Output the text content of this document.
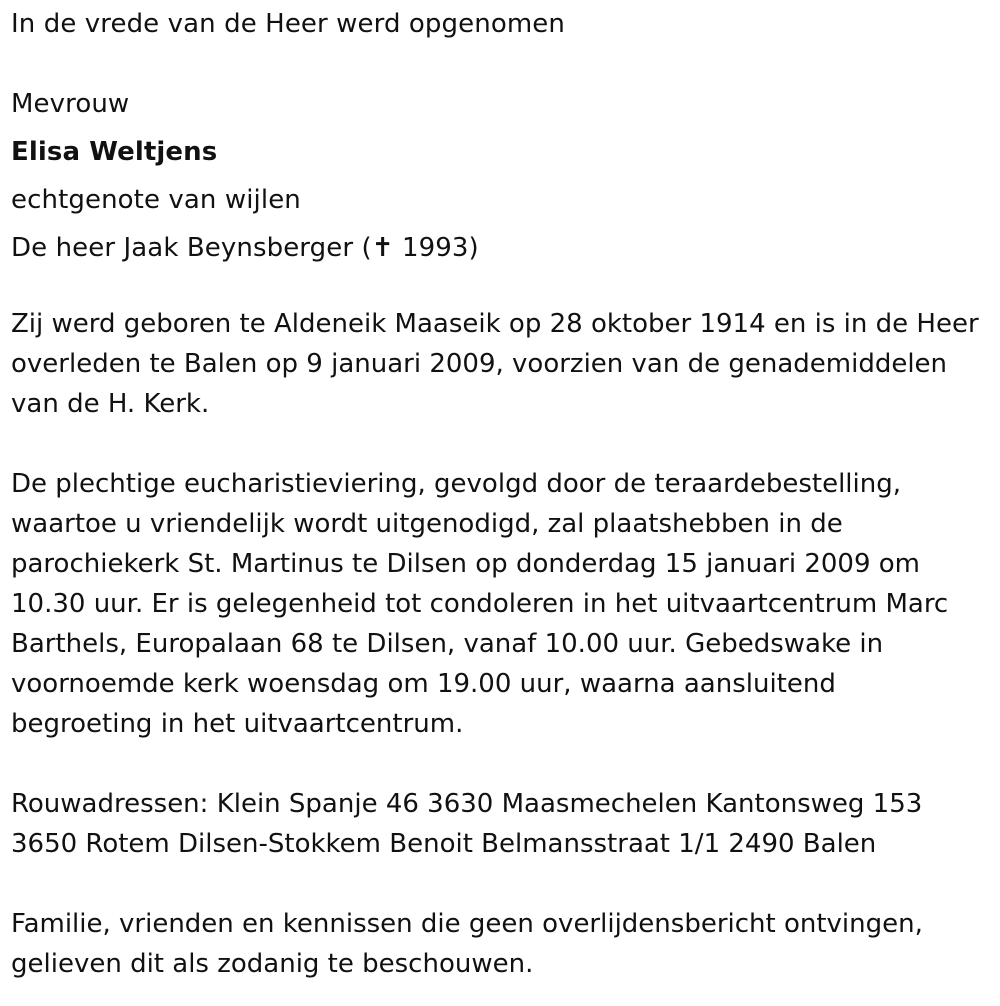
In de vrede van de Heer werd opgenomen
Mevrouw
Elisa Weltjens
echtgenote van wijlen
De heer Jaak Beynsberger (✝ 1993)
Zij werd geboren te Aldeneik Maaseik op 28 oktober 1914 en is in de Heer
overleden te Balen op 9 januari 2009, voorzien van de genademiddelen
van de H. Kerk.
De plechtige eucharistieviering, gevolgd door de teraardebestelling,
waartoe u vriendelijk wordt uitgenodigd, zal plaatshebben in de
parochiekerk St. Martinus te Dilsen op donderdag 15 januari 2009 om
10.30 uur. Er is gelegenheid tot condoleren in het uitvaartcentrum Marc
Barthels, Europalaan 68 te Dilsen, vanaf 10.00 uur. Gebedswake in
voornoemde kerk woensdag om 19.00 uur, waarna aansluitend
begroeting in het uitvaartcentrum.
Rouwadressen: Klein Spanje 46 3630 Maasmechelen Kantonsweg 153
3650 Rotem Dilsen-Stokkem Benoit Belmansstraat 1/1 2490 Balen
Familie, vrienden en kennissen die geen overlijdensbericht ontvingen,
gelieven dit als zodanig te beschouwen.
